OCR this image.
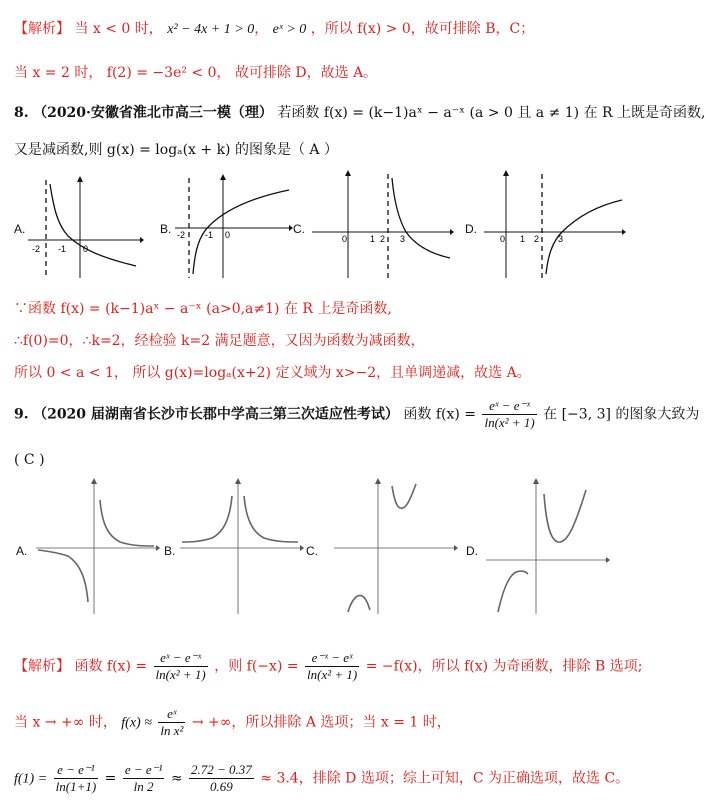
【解析】 当 x < 0 时， x² − 4x + 1 > 0， eˣ > 0 ，所以 f(x) > 0，故可排除 B，C；
当 x = 2 时， f(2) = −3e² < 0， 故可排除 D，故选 A。
8. （2020·安徽省淮北市高三一模（理） 若函数 f(x) = (k−1)aˣ − a⁻ˣ (a > 0 且 a ≠ 1) 在 R 上既是奇函数,
又是减函数,则 g(x) = logₐ(x + k) 的图象是（ A ）
A.
-2 -1 0
B. -2 -1 0	C.
0	1 2 3
D.
0 1 2 3
∵函数 f(x) = (k−1)aˣ − a⁻ˣ (a>0,a≠1) 在 R 上是奇函数,
∴f(0)=0，∴k=2，经检验 k=2 满足题意，又因为函数为减函数，
所以 0 < a < 1， 所以 g(x)=logₐ(x+2) 定义域为 x>−2，且单调递减，故选 A。
9. （2020 届湖南省长沙市长郡中学高三第三次适应性考试） 函数 $f(x) = \frac{\text{eˣ − e⁻ˣ}}{\text{ln(x² + 1)}}$ 在 [−3, 3] 的图象大致为
( C )
A.	B.	C.	D.
【解析】 函数 $f(x) = \frac{\text{eˣ − e⁻ˣ}}{\text{ln(x² + 1)}}$ ，则 $f(-x) = \frac{\text{e⁻ˣ − eˣ}}{\text{ln(x² + 1)}} = -f(x)$，所以 f(x) 为奇函数，排除 B 选项;
当 x → +∞ 时， $f(x) \approx \frac{\text{eˣ}}{\text{ln x²}}$ → +∞，所以排除 A 选项；当 x = 1 时，
$f(1) = \frac{\text{e − e⁻¹}}{\ln(1+1)} = \frac{\text{e − e⁻¹}}{\ln 2} \approx \frac{2.72 - 0.37}{0.69} \approx 3.4$，排除 D 选项；综上可知，C 为正确选项，故选 C。
